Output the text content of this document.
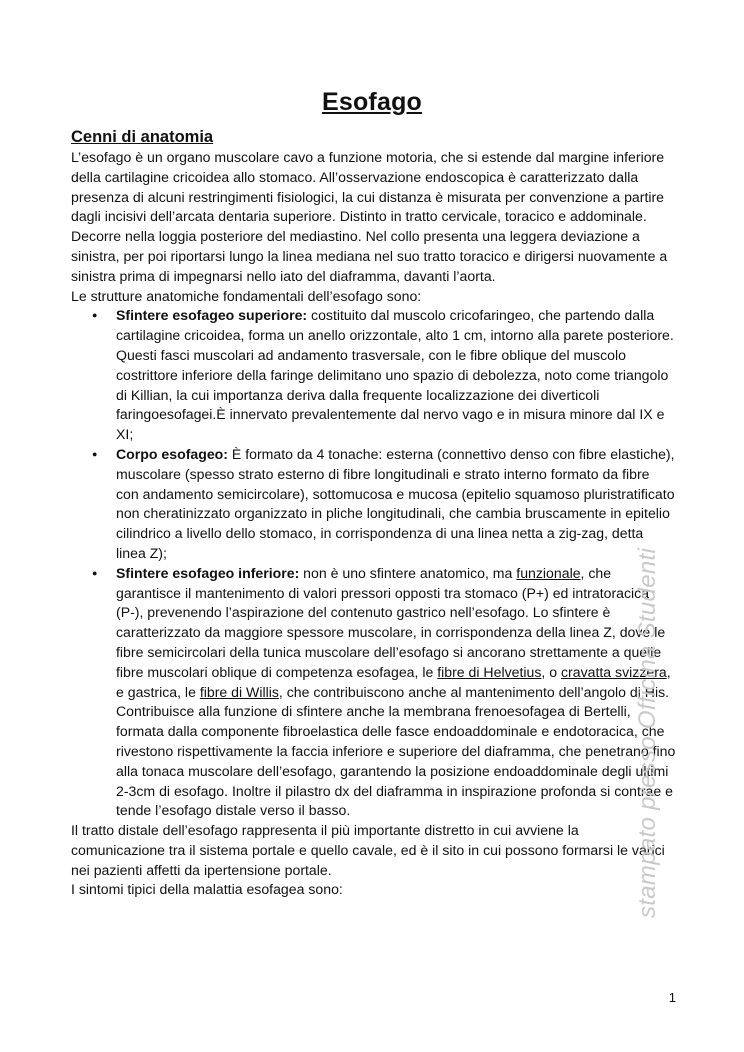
Esofago

Cenni di anatomia

L’esofago è un organo muscolare cavo a funzione motoria, che si estende dal margine inferiore della cartilagine cricoidea allo stomaco. All’osservazione endoscopica è caratterizzato dalla presenza di alcuni restringimenti fisiologici, la cui distanza è misurata per convenzione a partire dagli incisivi dell’arcata dentaria superiore. Distinto in tratto cervicale, toracico e addominale. Decorre nella loggia posteriore del mediastino. Nel collo presenta una leggera deviazione a sinistra, per poi riportarsi lungo la linea mediana nel suo tratto toracico e dirigersi nuovamente a sinistra prima di impegnarsi nello iato del diaframma, davanti l’aorta.

Le strutture anatomiche fondamentali dell’esofago sono:

● Sfintere esofageo superiore: costituito dal muscolo cricofaringeo, che partendo dalla cartilagine cricoidea, forma un anello orizzontale, alto 1 cm, intorno alla parete posteriore. Questi fasci muscolari ad andamento trasversale, con le fibre oblique del muscolo costrittore inferiore della faringe delimitano uno spazio di debolezza, noto come triangolo di Killian, la cui importanza deriva dalla frequente localizzazione dei diverticoli faringoesofagei.È innervato prevalentemente dal nervo vago e in misura minore dal IX e XI;
● Corpo esofageo: È formato da 4 tonache: esterna (connettivo denso con fibre elastiche), muscolare (spesso strato esterno di fibre longitudinali e strato interno formato da fibre con andamento semicircolare), sottomucosa e mucosa (epitelio squamoso pluristratificato non cheratinizzato organizzato in pliche longitudinali, che cambia bruscamente in epitelio cilindrico a livello dello stomaco, in corrispondenza di una linea netta a zig-zag, detta linea Z);
● Sfintere esofageo inferiore: non è uno sfintere anatomico, ma funzionale, che garantisce il mantenimento di valori pressori opposti tra stomaco (P+) ed intratoracica (P-), prevenendo l’aspirazione del contenuto gastrico nell’esofago. Lo sfintere è caratterizzato da maggiore spessore muscolare, in corrispondenza della linea Z, dove le fibre semicircolari della tunica muscolare dell’esofago si ancorano strettamente a quelle fibre muscolari oblique di competenza esofagea, le fibre di Helvetius, o cravatta svizzera, e gastrica, le fibre di Willis, che contribuiscono anche al mantenimento dell’angolo di His. Contribuisce alla funzione di sfintere anche la membrana frenoesofagea di Bertelli, formata dalla componente fibroelastica delle fasce endoaddominale e endotoracica, che rivestono rispettivamente la faccia inferiore e superiore del diaframma, che penetrano fino alla tonaca muscolare dell’esofago, garantendo la posizione endoaddominale degli ultimi 2-3cm di esofago. Inoltre il pilastro dx del diaframma in inspirazione profonda si contrae e tende l’esofago distale verso il basso.

Il tratto distale dell’esofago rappresenta il più importante distretto in cui avviene la comunicazione tra il sistema portale e quello cavale, ed è il sito in cui possono formarsi le varici nei pazienti affetti da ipertensione portale.

I sintomi tipici della malattia esofagea sono:	stampato presso Officina Studenti
1
